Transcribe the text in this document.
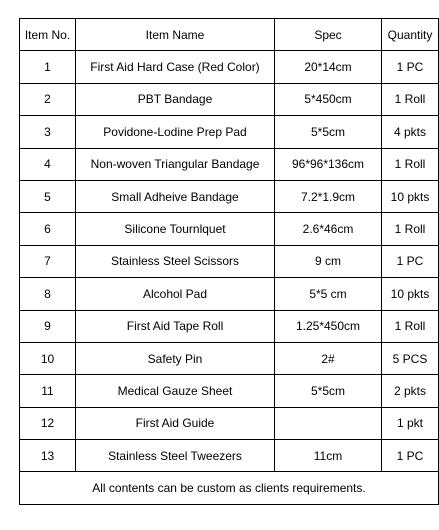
Item No.	Item Name	Spec	Quantity
1	First Aid Hard Case (Red Color)	20*14cm	1 PC
2	PBT Bandage	5*450cm	1 Roll
3	Povidone-Lodine Prep Pad	5*5cm	4 pkts
4	Non-woven Triangular Bandage	96*96*136cm	1 Roll
5	Small Adheive Bandage	7.2*1.9cm	10 pkts
6	Silicone Tournlquet	2.6*46cm	1 Roll
7	Stainless Steel Scissors	9 cm	1 PC
8	Alcohol Pad	5*5 cm	10 pkts
9	First Aid Tape Roll	1.25*450cm	1 Roll
10	Safety Pin	2#	5 PCS
11	Medical Gauze Sheet	5*5cm	2 pkts
12	First Aid Guide		1 pkt
13	Stainless Steel Tweezers	11cm	1 PC
All contents can be custom as clients requirements.			
